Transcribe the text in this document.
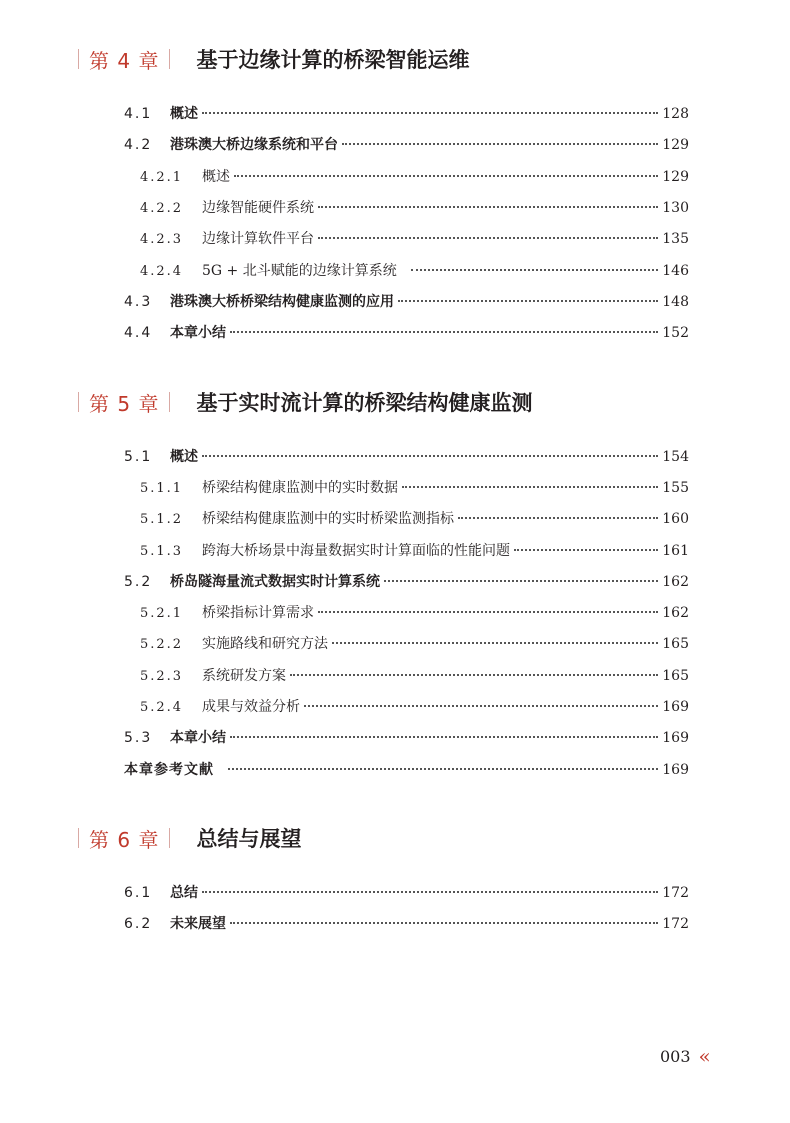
第 4 章 基于边缘计算的桥梁智能运维
4.1	概述	128
4.2	港珠澳大桥边缘系统和平台	129
4.2.1	概述	129
4.2.2	边缘智能硬件系统	130
4.2.3	边缘计算软件平台	135
4.2.4	5G + 北斗赋能的边缘计算系统	146
4.3	港珠澳大桥桥梁结构健康监测的应用	148
4.4	本章小结	152
第 5 章 基于实时流计算的桥梁结构健康监测
5.1	概述	154
5.1.1	桥梁结构健康监测中的实时数据	155
5.1.2	桥梁结构健康监测中的实时桥梁监测指标	160
5.1.3	跨海大桥场景中海量数据实时计算面临的性能问题	161
5.2	桥岛隧海量流式数据实时计算系统	162
5.2.1	桥梁指标计算需求	162
5.2.2	实施路线和研究方法	165
5.2.3	系统研发方案	165
5.2.4	成果与效益分析	169
5.3	本章小结	169
本章参考文献	169
第 6 章 总结与展望
6.1	总结	172
6.2	未来展望	172
003 «
